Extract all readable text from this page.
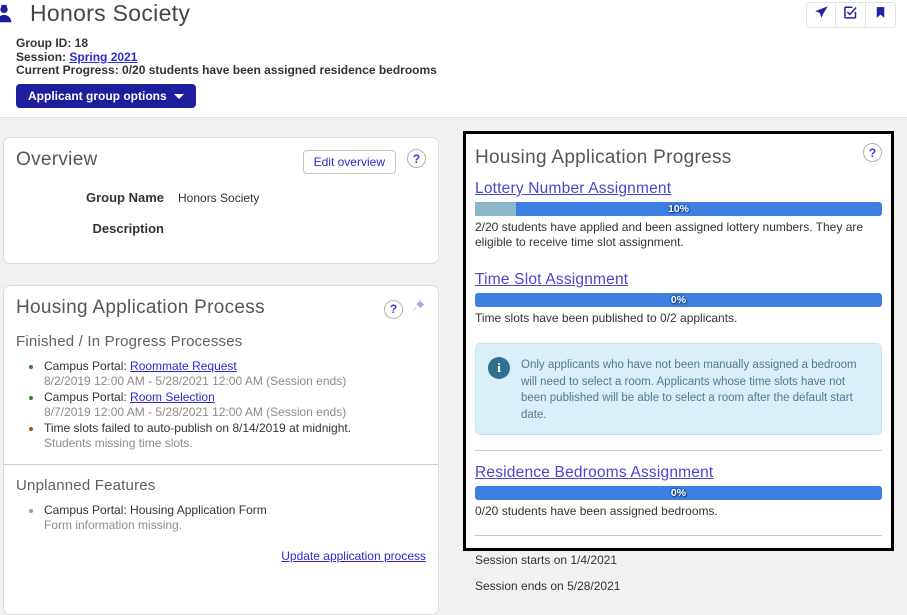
Honors Society
Group ID: 18
Session: Spring 2021
Current Progress: 0/20 students have been assigned residence bedrooms
Applicant group options
Overview	Edit overview	?
Group Name Honors Society
Description
Housing Application Process	?
Finished / In Progress Processes
Campus Portal: Roommate Request
8/2/2019 12:00 AM - 5/28/2021 12:00 AM (Session ends)
Campus Portal: Room Selection
8/7/2019 12:00 AM - 5/28/2021 12:00 AM (Session ends)
Time slots failed to auto-publish on 8/14/2019 at midnight.
Students missing time slots.
Unplanned Features
Campus Portal: Housing Application Form
Form information missing.
Update application process
Housing Application Progress	?
Lottery Number Assignment
10%
2/20 students have applied and been assigned lottery numbers. They are eligible to receive time slot assignment.
Time Slot Assignment
0%
Time slots have been published to 0/2 applicants.
i	Only applicants who have not been manually assigned a bedroom will need to select a room. Applicants whose time slots have not been published will be able to select a room after the default start date.
Residence Bedrooms Assignment
0%
0/20 students have been assigned bedrooms.
Session starts on 1/4/2021
Session ends on 5/28/2021
